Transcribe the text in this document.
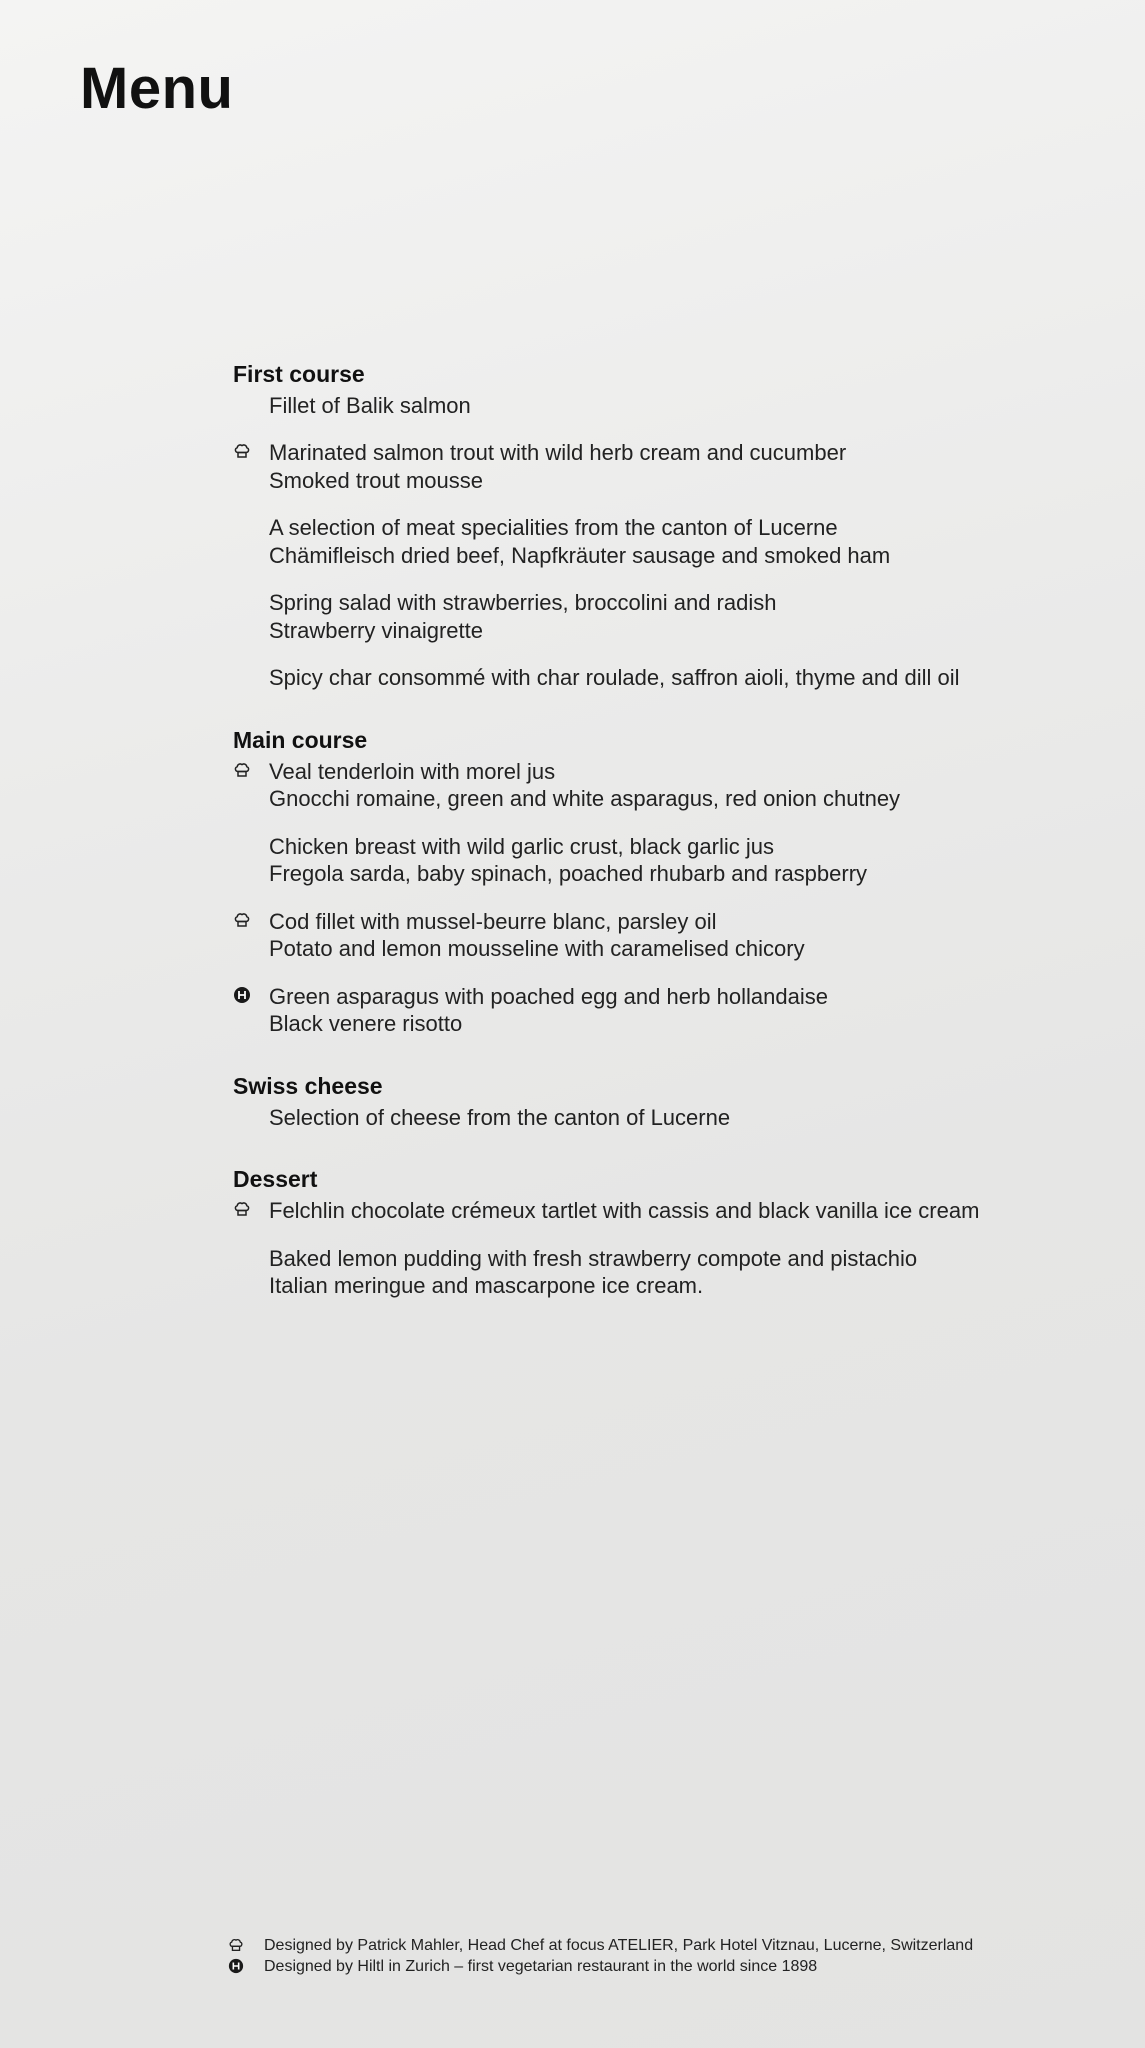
Menu
First course
Fillet of Balik salmon
Marinated salmon trout with wild herb cream and cucumber
Smoked trout mousse
A selection of meat specialities from the canton of Lucerne
Chämifleisch dried beef, Napfkräuter sausage and smoked ham
Spring salad with strawberries, broccolini and radish
Strawberry vinaigrette
Spicy char consommé with char roulade, saffron aioli, thyme and dill oil
Main course
Veal tenderloin with morel jus
Gnocchi romaine, green and white asparagus, red onion chutney
Chicken breast with wild garlic crust, black garlic jus
Fregola sarda, baby spinach, poached rhubarb and raspberry
Cod fillet with mussel-beurre blanc, parsley oil
Potato and lemon mousseline with caramelised chicory
Green asparagus with poached egg and herb hollandaise
Black venere risotto
Swiss cheese
Selection of cheese from the canton of Lucerne
Dessert
Felchlin chocolate crémeux tartlet with cassis and black vanilla ice cream
Baked lemon pudding with fresh strawberry compote and pistachio
Italian meringue and mascarpone ice cream.
Designed by Patrick Mahler, Head Chef at focus ATELIER, Park Hotel Vitznau, Lucerne, Switzerland
Designed by Hiltl in Zurich – first vegetarian restaurant in the world since 1898
